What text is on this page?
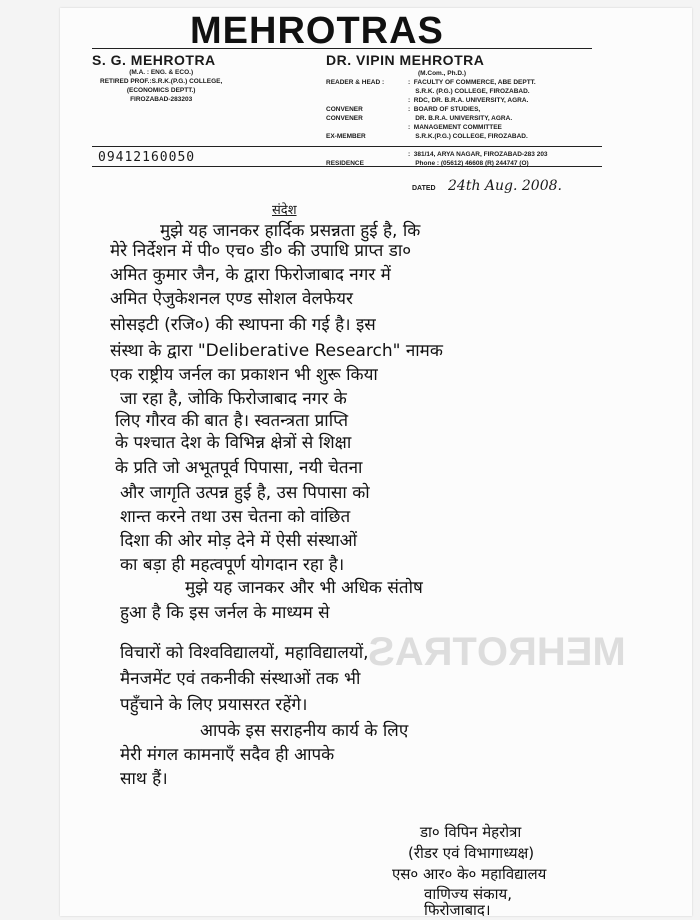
MEHROTRAS
MEHROTRAS
S. G. MEHROTRA
(M.A. : ENG. & ECO.)
RETIRED PROF.:S.R.K.(P.G.) COLLEGE,
(ECONOMICS DEPTT.)
FIROZABAD-283203
DR. VIPIN MEHROTRA
(M.Com., Ph.D.)
READER & HEAD :

CONVENER
CONVENER

EX-MEMBER

RESIDENCE
:  FACULTY OF COMMERCE, ABE DEPTT.
S.R.K. (P.G.) COLLEGE, FIROZABAD.
:  RDC, DR. B.R.A. UNIVERSITY, AGRA.
:  BOARD OF STUDIES,
DR. B.R.A. UNIVERSITY, AGRA.
:  MANAGEMENT COMMITTEE
S.R.K.(P.G.) COLLEGE, FIROZABAD.

:  381/14, ARYA NAGAR, FIROZABAD-283 203
Phone : (05612) 46608 (R) 244747 (O)
09412160050
DATED 24th Aug. 2008.
संदेश
मुझे यह जानकर हार्दिक प्रसन्नता हुई है, कि
मेरे निर्देशन में पी० एच० डी० की उपाधि प्राप्त डा०
अमित कुमार जैन, के द्वारा फिरोजाबाद नगर में
अमित ऐजुकेशनल एण्ड सोशल वेलफेयर
सोसइटी (रजि०) की स्थापना की गई है। इस
संस्था के द्वारा "Deliberative Research" नामक
एक राष्ट्रीय जर्नल का प्रकाशन भी शुरू किया
जा रहा है, जोकि फिरोजाबाद नगर के
लिए गौरव की बात है। स्वतन्त्रता प्राप्ति
के पश्चात देश के विभिन्न क्षेत्रों से शिक्षा
के प्रति जो अभूतपूर्व पिपासा, नयी चेतना
और जागृति उत्पन्न हुई है, उस पिपासा को
शान्त करने तथा उस चेतना को वांछित
दिशा की ओर मोड़ देने में ऐसी संस्थाओं
का बड़ा ही महत्वपूर्ण योगदान रहा है।
मुझे यह जानकर और भी अधिक संतोष
हुआ है कि इस जर्नल के माध्यम से
विचारों को विश्वविद्यालयों, महाविद्यालयों,
मैनजमेंट एवं तकनीकी संस्थाओं तक भी
पहुँचाने के लिए प्रयासरत रहेंगे।
आपके इस सराहनीय कार्य के लिए
मेरी मंगल कामनाएँ सदैव ही आपके
साथ हैं।
डा० विपिन मेहरोत्रा
(रीडर एवं विभागाध्यक्ष)
एस० आर० के० महाविद्यालय
वाणिज्य संकाय,
फिरोजाबाद।
